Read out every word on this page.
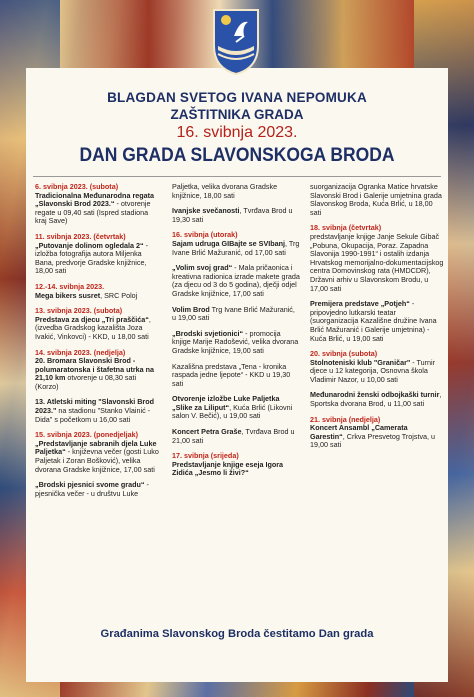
BLAGDAN SVETOG IVANA NEPOMUKA
ZAŠTITNIKA GRADA
16. svibnja 2023.
DAN GRADA SLAVONSKOGA BRODA
6. svibnja 2023. (subota)
Tradicionalna Međunarodna regata „Slavonski Brod 2023.“ - otvorenje regate u 09,40 sati (Ispred stadiona kraj Save)
11. svibnja 2023. (četvrtak)
„Putovanje dolinom ogledala 2“ - izložba fotografija autora Miljenka Bana, predvorje Gradske knjižnice, 18,00 sati
12.-14. svibnja 2023.
Mega bikers susret, SRC Poloj
13. svibnja 2023. (subota)
Predstava za djecu „Tri praščića“, (izvedba Gradskog kazališta Joza Ivakić, Vinkovci) - KKD, u 18,00 sati
14. svibnja 2023. (nedjelja)
20. Bromara Slavonski Brod - polumaratonska i štafetna utrka na 21,10 km otvorenje u 08,30 sati (Korzo)
13. Atletski miting "Slavonski Brod 2023." na stadionu "Stanko Vlainić - Dida" s početkom u 16,00 sati
15. svibnja 2023. (ponedjeljak)
„Predstavljanje sabranih djela Luke Paljetka“ - književna večer (gosti Luko Paljetak i Zoran Bošković), velika dvorana Gradske knjižnice, 17,00 sati
„Brodski pjesnici svome gradu“ - pjesnička večer - u društvu Luke
Paljetka, velika dvorana Gradske knjižnice, 18,00 sati
Ivanjske svečanosti, Tvrđava Brod u 19,30 sati
16. svibnja (utorak)
Sajam udruga GIBajte se SVIbanj, Trg Ivane Brlić Mažuranić, od 17,00 sati
„Volim svoj grad“ - Mala pričaonica i kreativna radionica izrade makete grada (za djecu od 3 do 5 godina), dječji odjel Gradske knjižnice, 17,00 sati
Volim Brod Trg Ivane Brlić Mažuranić, u 19,00 sati
„Brodski svjetionici“ - promocija knjige Marije Radošević, velika dvorana Gradske knjižnice, 19,00 sati
Kazališna predstava „Tena - kronika raspada jedne ljepote“ - KKD u 19,30 sati
Otvorenje izložbe Luke Paljetka „Slike za Liliput“, Kuća Brlić (Likovni salon V. Bečić), u 19,00 sati
Koncert Petra Graše, Tvrđava Brod u 21,00 sati
17. svibnja (srijeda)
Predstavljanje knjige eseja Igora Zidića „Jesmo li živi?“
suorganizacija Ogranka Matice hrvatske Slavonski Brod i Galerije umjetnina grada Slavonskog Broda, Kuća Brlić, u 18,00 sati
18. svibnja (četvrtak)
predstavljanje knjige Janje Sekule Gibač „Pobuna, Okupacija, Poraz. Zapadna Slavonija 1990-1991“ i ostalih izdanja Hrvatskog memorijalno-dokumentacijskog centra Domovinskog rata (HMDCDR), Državni arhiv u Slavonskom Brodu, u 17,00 sati
Premijera predstave „Potjeh“ - pripovjedno lutkarski teatar (suorganizacija Kazališne družine Ivana Brlić Mažuranić i Galerije umjetnina) - Kuća Brlić, u 19,00 sati
20. svibnja (subota)
Stolnoteniski klub "Graničar" - Turnir djece u 12 kategorija, Osnovna škola Vladimir Nazor, u 10,00 sati
Međunarodni ženski odbojkaški turnir, Sportska dvorana Brod, u 11,00 sati
21. svibnja (nedjelja)
Koncert Ansambl „Camerata Garestin“, Crkva Presvetog Trojstva, u 19,00 sati
Građanima Slavonskog Broda čestitamo Dan grada
